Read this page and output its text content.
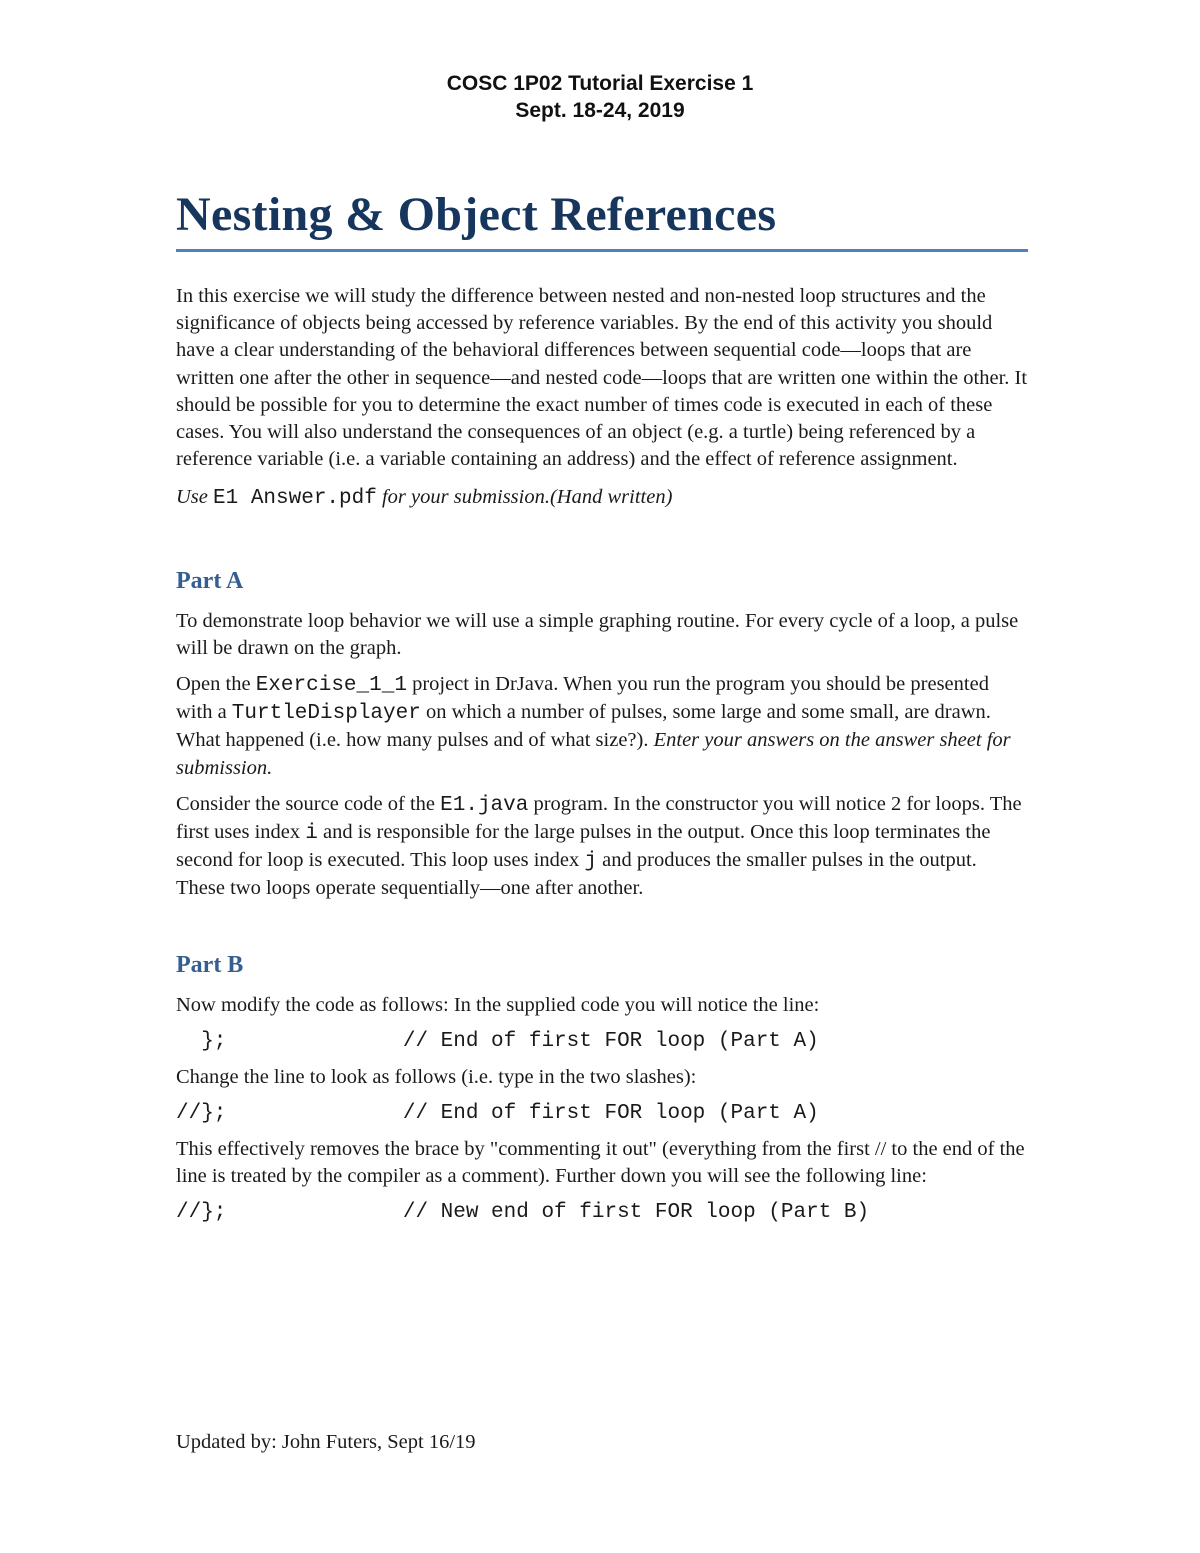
COSC 1P02 Tutorial Exercise 1
Sept. 18-24, 2019
Nesting & Object References

In this exercise we will study the difference between nested and non-nested loop structures and the significance of objects being accessed by reference variables. By the end of this activity you should have a clear understanding of the behavioral differences between sequential code—loops that are written one after the other in sequence—and nested code—loops that are written one within the other. It should be possible for you to determine the exact number of times code is executed in each of these cases. You will also understand the consequences of an object (e.g. a turtle) being referenced by a reference variable (i.e. a variable containing an address) and the effect of reference assignment.

Use E1 Answer.pdf for your submission.(Hand written)

Part A

To demonstrate loop behavior we will use a simple graphing routine. For every cycle of a loop, a pulse will be drawn on the graph.

Open the Exercise_1_1 project in DrJava. When you run the program you should be presented with a TurtleDisplayer on which a number of pulses, some large and some small, are drawn. What happened (i.e. how many pulses and of what size?). Enter your answers on the answer sheet for submission.

Consider the source code of the E1.java program. In the constructor you will notice 2 for loops. The first uses index i and is responsible for the large pulses in the output. Once this loop terminates the second for loop is executed. This loop uses index j and produces the smaller pulses in the output. These two loops operate sequentially—one after another.

Part B

Now modify the code as follows: In the supplied code you will notice the line:

};              // End of first FOR loop (Part A)

Change the line to look as follows (i.e. type in the two slashes):

//};              // End of first FOR loop (Part A)

This effectively removes the brace by "commenting it out" (everything from the first // to the end of the line is treated by the compiler as a comment). Further down you will see the following line:

//};              // New end of first FOR loop (Part B)
Updated by: John Futers, Sept 16/19
